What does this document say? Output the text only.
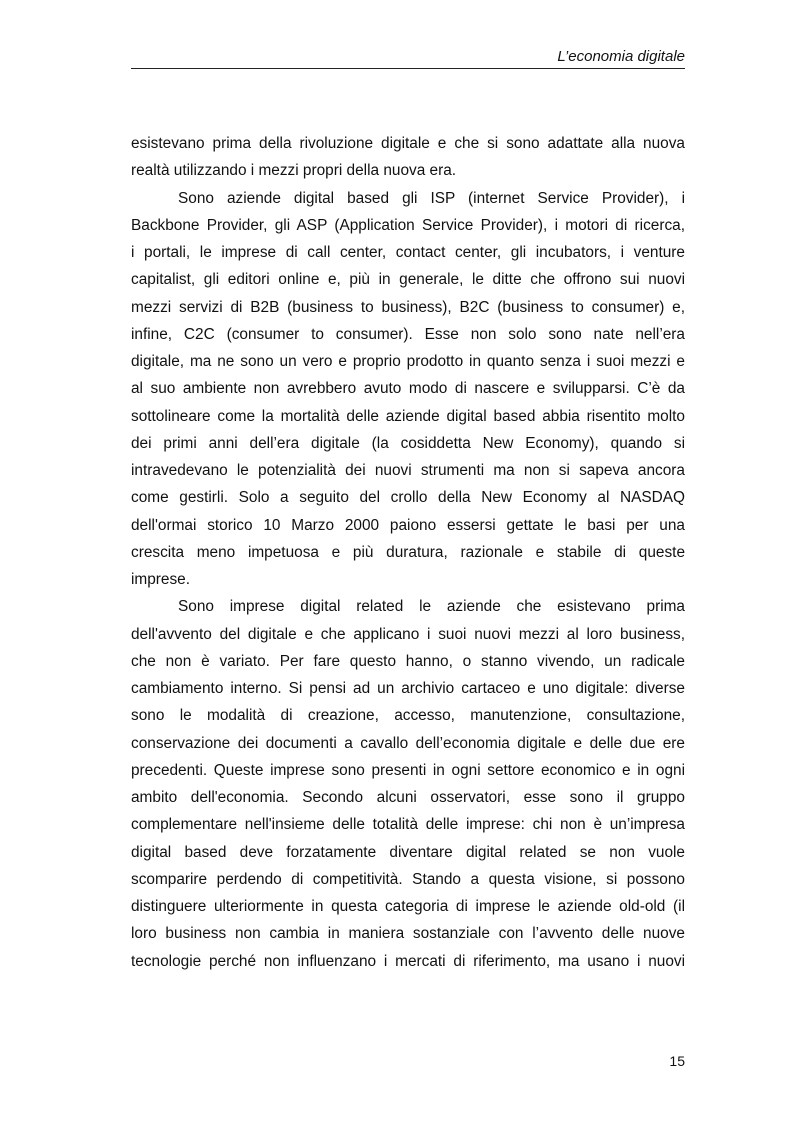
L’economia digitale
esistevano prima della rivoluzione digitale e che si sono adattate alla nuova
realtà utilizzando i mezzi propri della nuova era.
Sono aziende digital based gli ISP (internet Service Provider), i
Backbone Provider, gli ASP (Application Service Provider), i motori di ricerca,
i portali, le imprese di call center, contact center, gli incubators, i venture
capitalist, gli editori online e, più in generale, le ditte che offrono sui nuovi
mezzi servizi di B2B (business to business), B2C (business to consumer) e,
infine, C2C (consumer to consumer). Esse non solo sono nate nell’era
digitale, ma ne sono un vero e proprio prodotto in quanto senza i suoi mezzi e
al suo ambiente non avrebbero avuto modo di nascere e svilupparsi. C’è da
sottolineare come la mortalità delle aziende digital based abbia risentito molto
dei primi anni dell’era digitale (la cosiddetta New Economy), quando si
intravedevano le potenzialità dei nuovi strumenti ma non si sapeva ancora
come gestirli. Solo a seguito del crollo della New Economy al NASDAQ
dell'ormai storico 10 Marzo 2000 paiono essersi gettate le basi per una
crescita meno impetuosa e più duratura, razionale e stabile di queste
imprese.
Sono imprese digital related le aziende che esistevano prima
dell'avvento del digitale e che applicano i suoi nuovi mezzi al loro business,
che non è variato. Per fare questo hanno, o stanno vivendo, un radicale
cambiamento interno. Si pensi ad un archivio cartaceo e uno digitale: diverse
sono le modalità di creazione, accesso, manutenzione, consultazione,
conservazione dei documenti a cavallo dell’economia digitale e delle due ere
precedenti. Queste imprese sono presenti in ogni settore economico e in ogni
ambito dell'economia. Secondo alcuni osservatori, esse sono il gruppo
complementare nell'insieme delle totalità delle imprese: chi non è un’impresa
digital based deve forzatamente diventare digital related se non vuole
scomparire perdendo di competitività. Stando a questa visione, si possono
distinguere ulteriormente in questa categoria di imprese le aziende old-old (il
loro business non cambia in maniera sostanziale con l’avvento delle nuove
tecnologie perché non influenzano i mercati di riferimento, ma usano i nuovi
15
